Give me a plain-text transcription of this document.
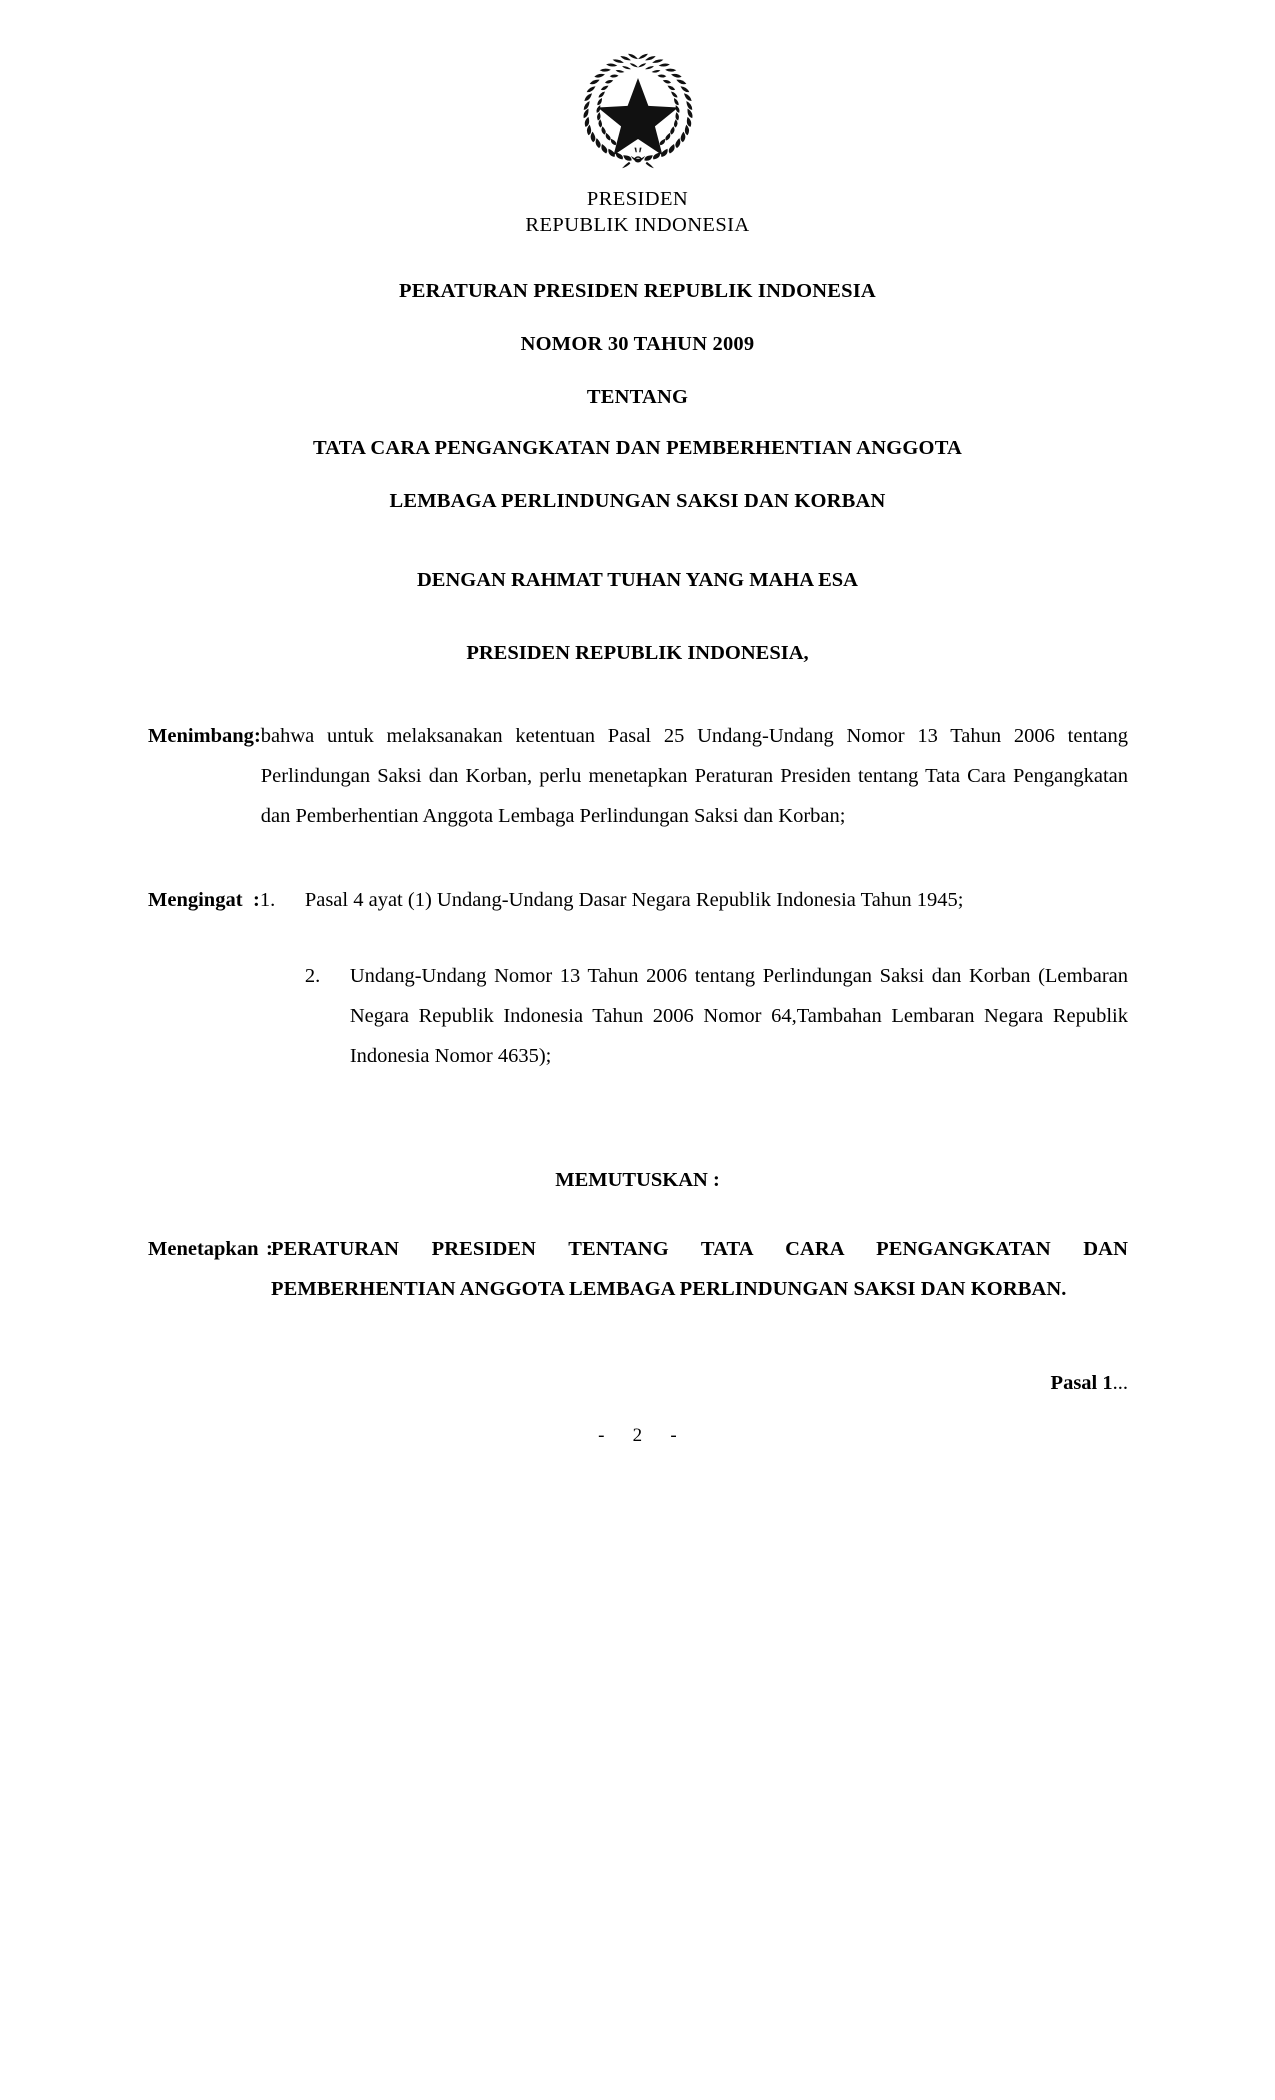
PRESIDEN
REPUBLIK INDONESIA
PERATURAN PRESIDEN REPUBLIK INDONESIA
NOMOR 30 TAHUN 2009
TENTANG
TATA CARA PENGANGKATAN DAN PEMBERHENTIAN ANGGOTA
LEMBAGA PERLINDUNGAN SAKSI DAN KORBAN
DENGAN RAHMAT TUHAN YANG MAHA ESA
PRESIDEN REPUBLIK INDONESIA,
Menimbang : bahwa untuk melaksanakan ketentuan Pasal 25 Undang-Undang Nomor 13 Tahun 2006 tentang Perlindungan Saksi dan Korban, perlu menetapkan Peraturan Presiden tentang Tata Cara Pengangkatan dan Pemberhentian Anggota Lembaga Perlindungan Saksi dan Korban;

Mengingat : 1.	Pasal 4 ayat (1) Undang-Undang Dasar Negara Republik Indonesia Tahun 1945;
2.	Undang-Undang Nomor 13 Tahun 2006 tentang Perlindungan Saksi dan Korban (Lembaran Negara Republik Indonesia Tahun 2006 Nomor 64,Tambahan Lembaran Negara Republik Indonesia Nomor 4635);
MEMUTUSKAN :
Menetapkan :

PERATURAN PRESIDEN TENTANG TATA CARA PENGANGKATAN DAN PEMBERHENTIAN ANGGOTA LEMBAGA PERLINDUNGAN SAKSI DAN KORBAN.

Pasal 1...
- 2 -
